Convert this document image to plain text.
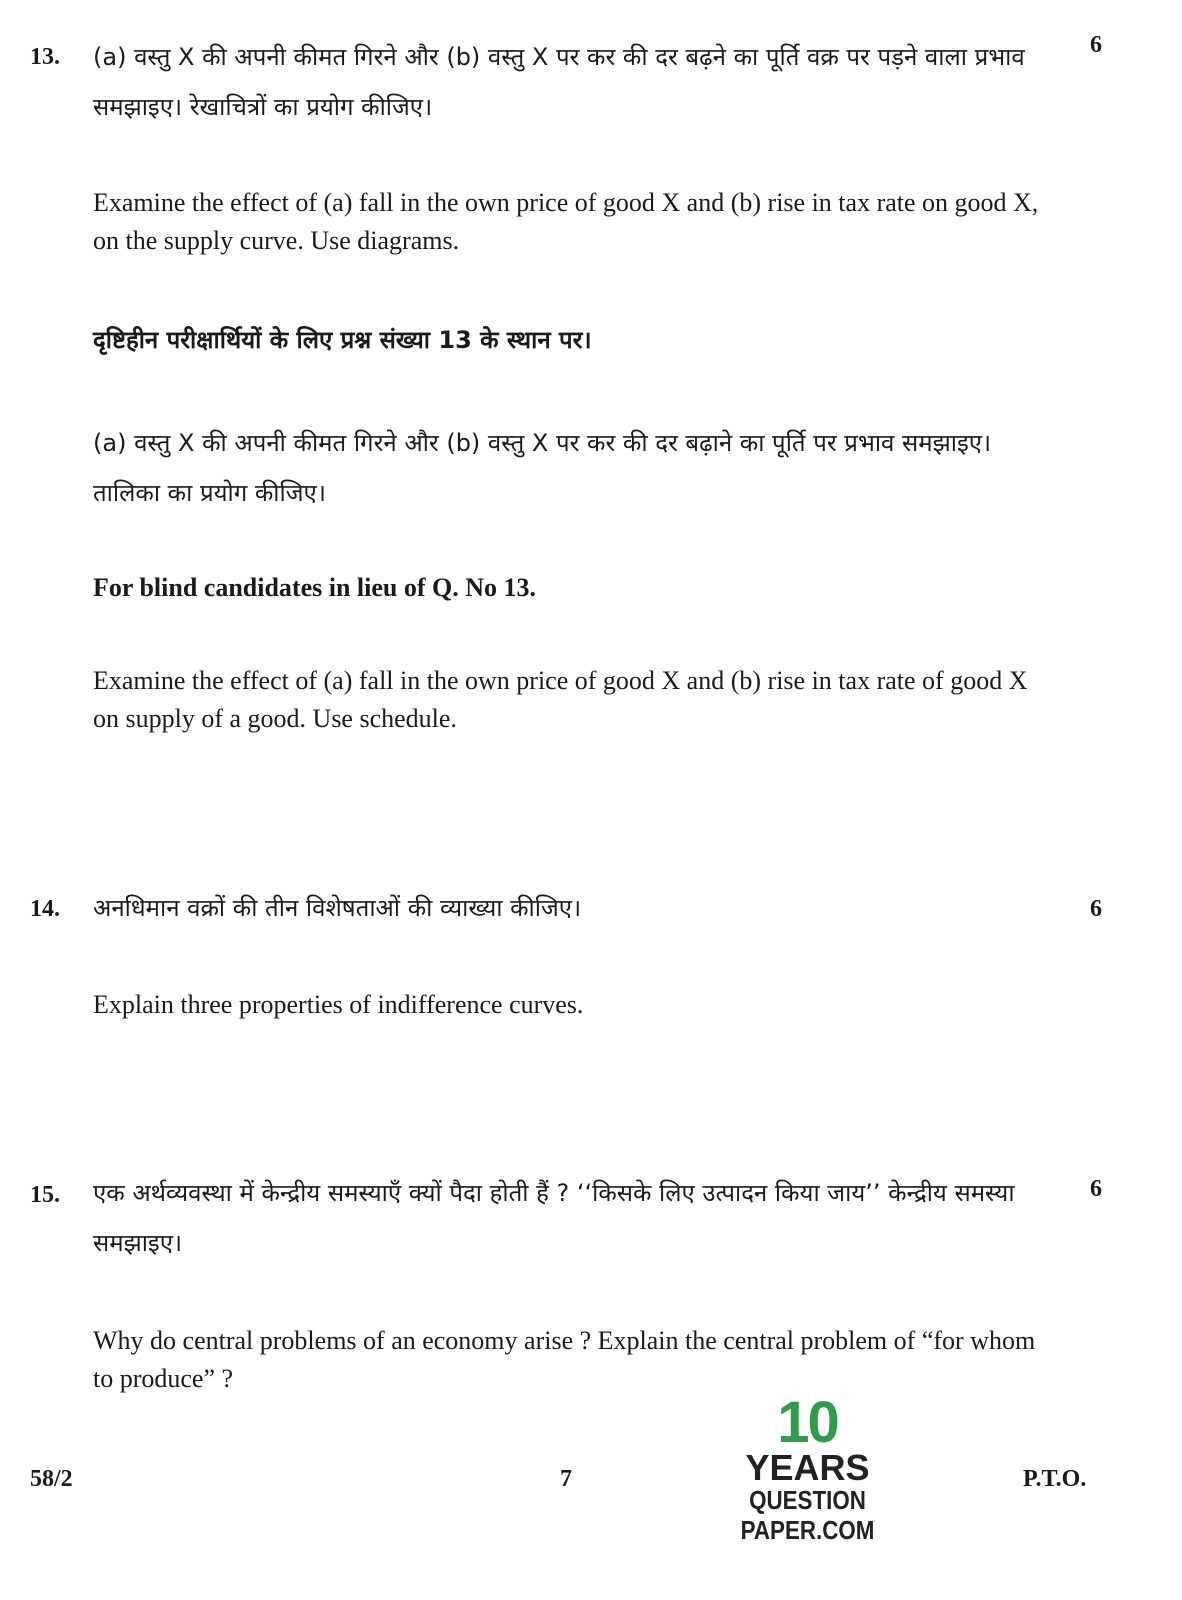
13.	6

(a) वस्तु X की अपनी कीमत गिरने और (b) वस्तु X पर कर की दर बढ़ने का पूर्ति वक्र पर पड़ने वाला प्रभाव समझाइए। रेखाचित्रों का प्रयोग कीजिए।

Examine the effect of (a) fall in the own price of good X and (b) rise in tax rate on good X, on the supply curve. Use diagrams.

दृष्टिहीन परीक्षार्थियों के लिए प्रश्न संख्या 13 के स्थान पर।

(a) वस्तु X की अपनी कीमत गिरने और (b) वस्तु X पर कर की दर बढ़ाने का पूर्ति पर प्रभाव समझाइए। तालिका का प्रयोग कीजिए।

For blind candidates in lieu of Q. No 13.

Examine the effect of (a) fall in the own price of good X and (b) rise in tax rate of good X on supply of a good. Use schedule.

14.	6

अनधिमान वक्रों की तीन विशेषताओं की व्याख्या कीजिए।

Explain three properties of indifference curves.

15.	6

एक अर्थव्यवस्था में केन्द्रीय समस्याएँ क्यों पैदा होती हैं ? ‘‘किसके लिए उत्पादन किया जाय’’ केन्द्रीय समस्या समझाइए।

Why do central problems of an economy arise ? Explain the central problem of “for whom to produce” ?

58/2	7	P.T.O.
10
YEARS
QUESTION PAPER.COM
